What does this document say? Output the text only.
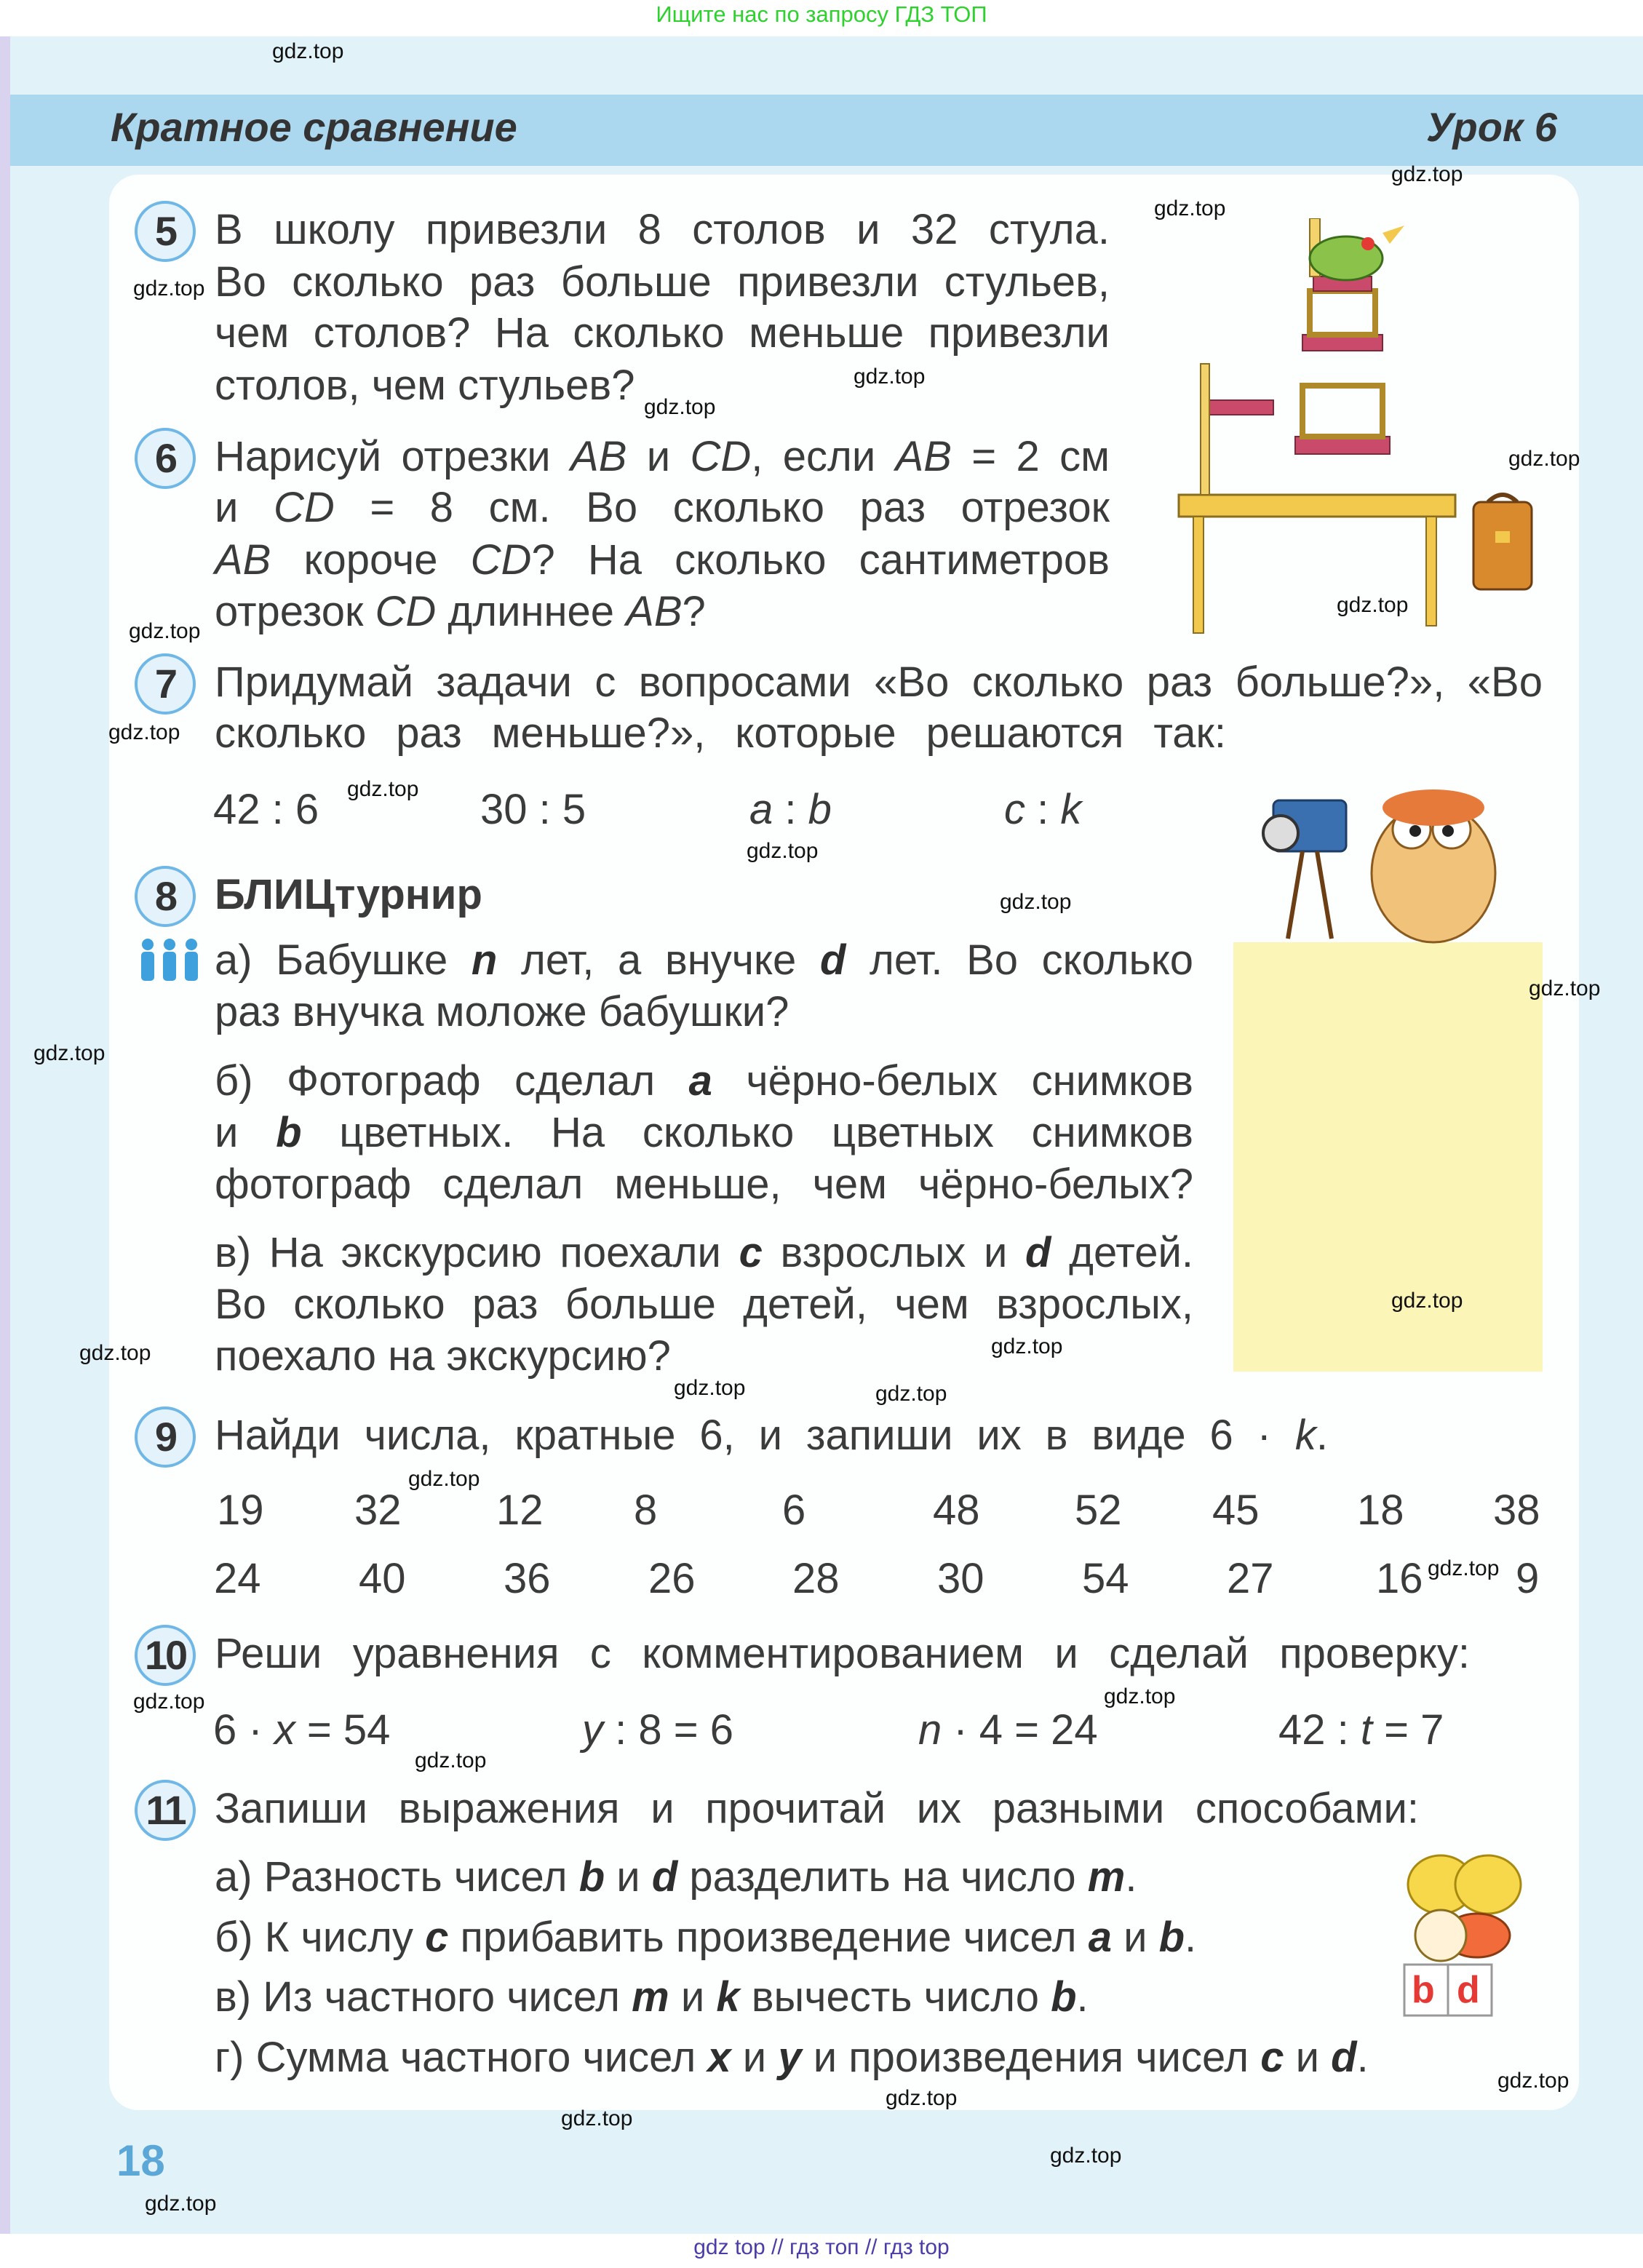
Ищите нас по запросу ГДЗ ТОП
Кратное сравнение	Урок 6
b d
5
6
7
8
9
10
11
В школу привезли 8 столов и 32 стула.
Во сколько раз больше привезли стульев,
чем столов? На сколько меньше привезли
столов, чем стульев?
Нарисуй отрезки AB и CD, если AB = 2 см
и CD = 8 см. Во сколько раз отрезок
AB короче CD? На сколько сантиметров
отрезок CD длиннее AB?
Придумай задачи с вопросами «Во сколько раз больше?», «Во
сколько раз меньше?», которые решаются так:
42 : 6	30 : 5	a : b	c : k
БЛИЦтурнир
а) Бабушке n лет, а внучке d лет. Во сколько
раз внучка моложе бабушки?
б) Фотограф сделал a чёрно-белых снимков
и b цветных. На сколько цветных снимков
фотограф сделал меньше, чем чёрно-белых?
в) На экскурсию поехали c взрослых и d детей.
Во сколько раз больше детей, чем взрослых,
поехало на экскурсию?
Найди числа, кратные 6, и запиши их в виде 6 · k.
Реши уравнения с комментированием и сделай проверку:
6 · x = 54	y : 8 = 6	n · 4 = 24	42 : t = 7
Запиши выражения и прочитай их разными способами:
а) Разность чисел b и d разделить на число m.
б) К числу c прибавить произведение чисел a и b.
в) Из частного чисел m и k вычесть число b.
г) Сумма частного чисел x и y и произведения чисел c и d.
19 32 12 8	6	48 52 45 18 38
24 40 36 26 28 30 54 27 16 9
gdz.top
gdz.top
gdz.top
gdz.top
gdz.top
gdz.top
gdz.top
gdz.top
gdz.top
gdz.top
gdz.top
gdz.top
gdz.top
gdz.top
gdz.top
gdz.top
gdz.top
gdz.top
gdz.top
gdz.top
gdz.top
gdz.top
gdz.top
gdz.top
gdz.top
gdz.top
gdz.top
gdz.top
gdz.top
gdz.top
18
gdz top // гдз топ // гдз top
